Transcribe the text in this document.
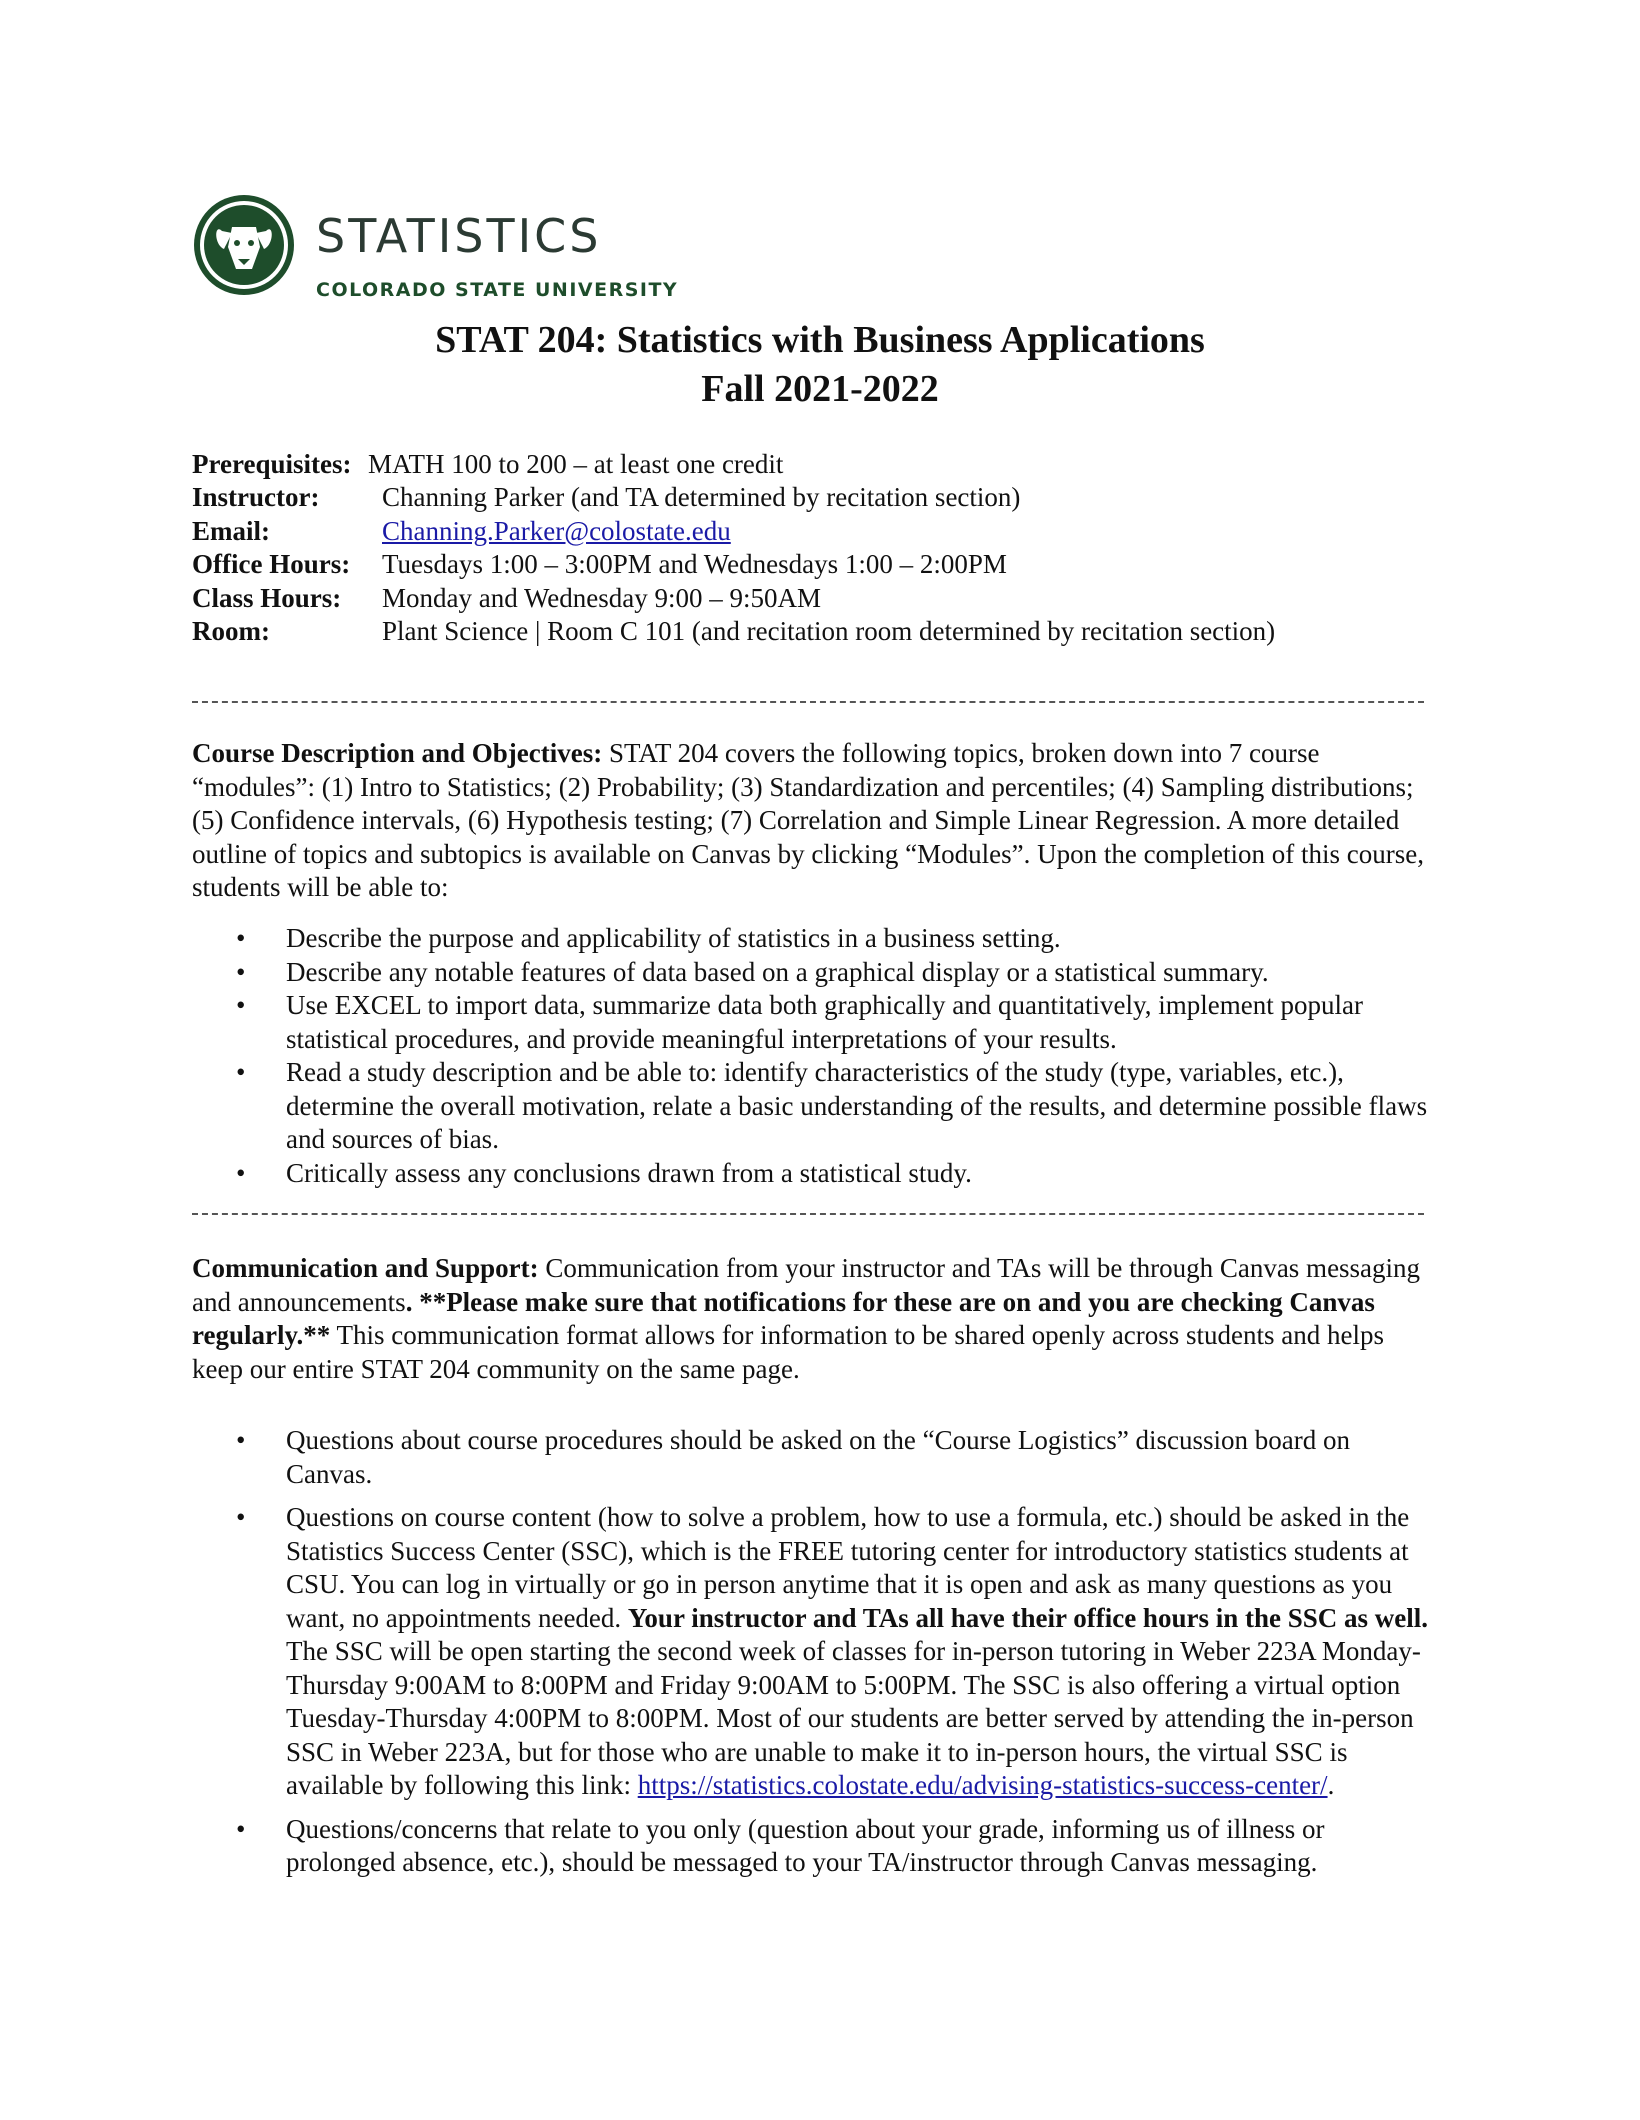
STATISTICS
COLORADO STATE UNIVERSITY
STAT 204: Statistics with Business Applications
Fall 2021-2022
Prerequisites: MATH 100 to 200 – at least one credit
Instructor: Channing Parker (and TA determined by recitation section)
Email:	Channing.Parker@colostate.edu
Office Hours: Tuesdays 1:00 – 3:00PM and Wednesdays 1:00 – 2:00PM
Class Hours: Monday and Wednesday 9:00 – 9:50AM
Room:	Plant Science | Room C 101 (and recitation room determined by recitation section)
Course Description and Objectives: STAT 204 covers the following topics, broken down into 7 course “modules”: (1) Intro to Statistics; (2) Probability; (3) Standardization and percentiles; (4) Sampling distributions; (5) Confidence intervals, (6) Hypothesis testing; (7) Correlation and Simple Linear Regression. A more detailed outline of topics and subtopics is available on Canvas by clicking “Modules”. Upon the completion of this course, students will be able to:
• Describe the purpose and applicability of statistics in a business setting.
• Describe any notable features of data based on a graphical display or a statistical summary.
• Use EXCEL to import data, summarize data both graphically and quantitatively, implement popular statistical procedures, and provide meaningful interpretations of your results.
• Read a study description and be able to: identify characteristics of the study (type, variables, etc.), determine the overall motivation, relate a basic understanding of the results, and determine possible flaws and sources of bias.
• Critically assess any conclusions drawn from a statistical study.
Communication and Support: Communication from your instructor and TAs will be through Canvas messaging and announcements. **Please make sure that notifications for these are on and you are checking Canvas regularly.** This communication format allows for information to be shared openly across students and helps keep our entire STAT 204 community on the same page.
• Questions about course procedures should be asked on the “Course Logistics” discussion board on Canvas.
• Questions on course content (how to solve a problem, how to use a formula, etc.) should be asked in the Statistics Success Center (SSC), which is the FREE tutoring center for introductory statistics students at CSU. You can log in virtually or go in person anytime that it is open and ask as many questions as you want, no appointments needed. Your instructor and TAs all have their office hours in the SSC as well. The SSC will be open starting the second week of classes for in-person tutoring in Weber 223A Monday-Thursday 9:00AM to 8:00PM and Friday 9:00AM to 5:00PM. The SSC is also offering a virtual option Tuesday-Thursday 4:00PM to 8:00PM. Most of our students are better served by attending the in-person SSC in Weber 223A, but for those who are unable to make it to in-person hours, the virtual SSC is available by following this link: https://statistics.colostate.edu/advising-statistics-success-center/.
• Questions/concerns that relate to you only (question about your grade, informing us of illness or prolonged absence, etc.), should be messaged to your TA/instructor through Canvas messaging.
